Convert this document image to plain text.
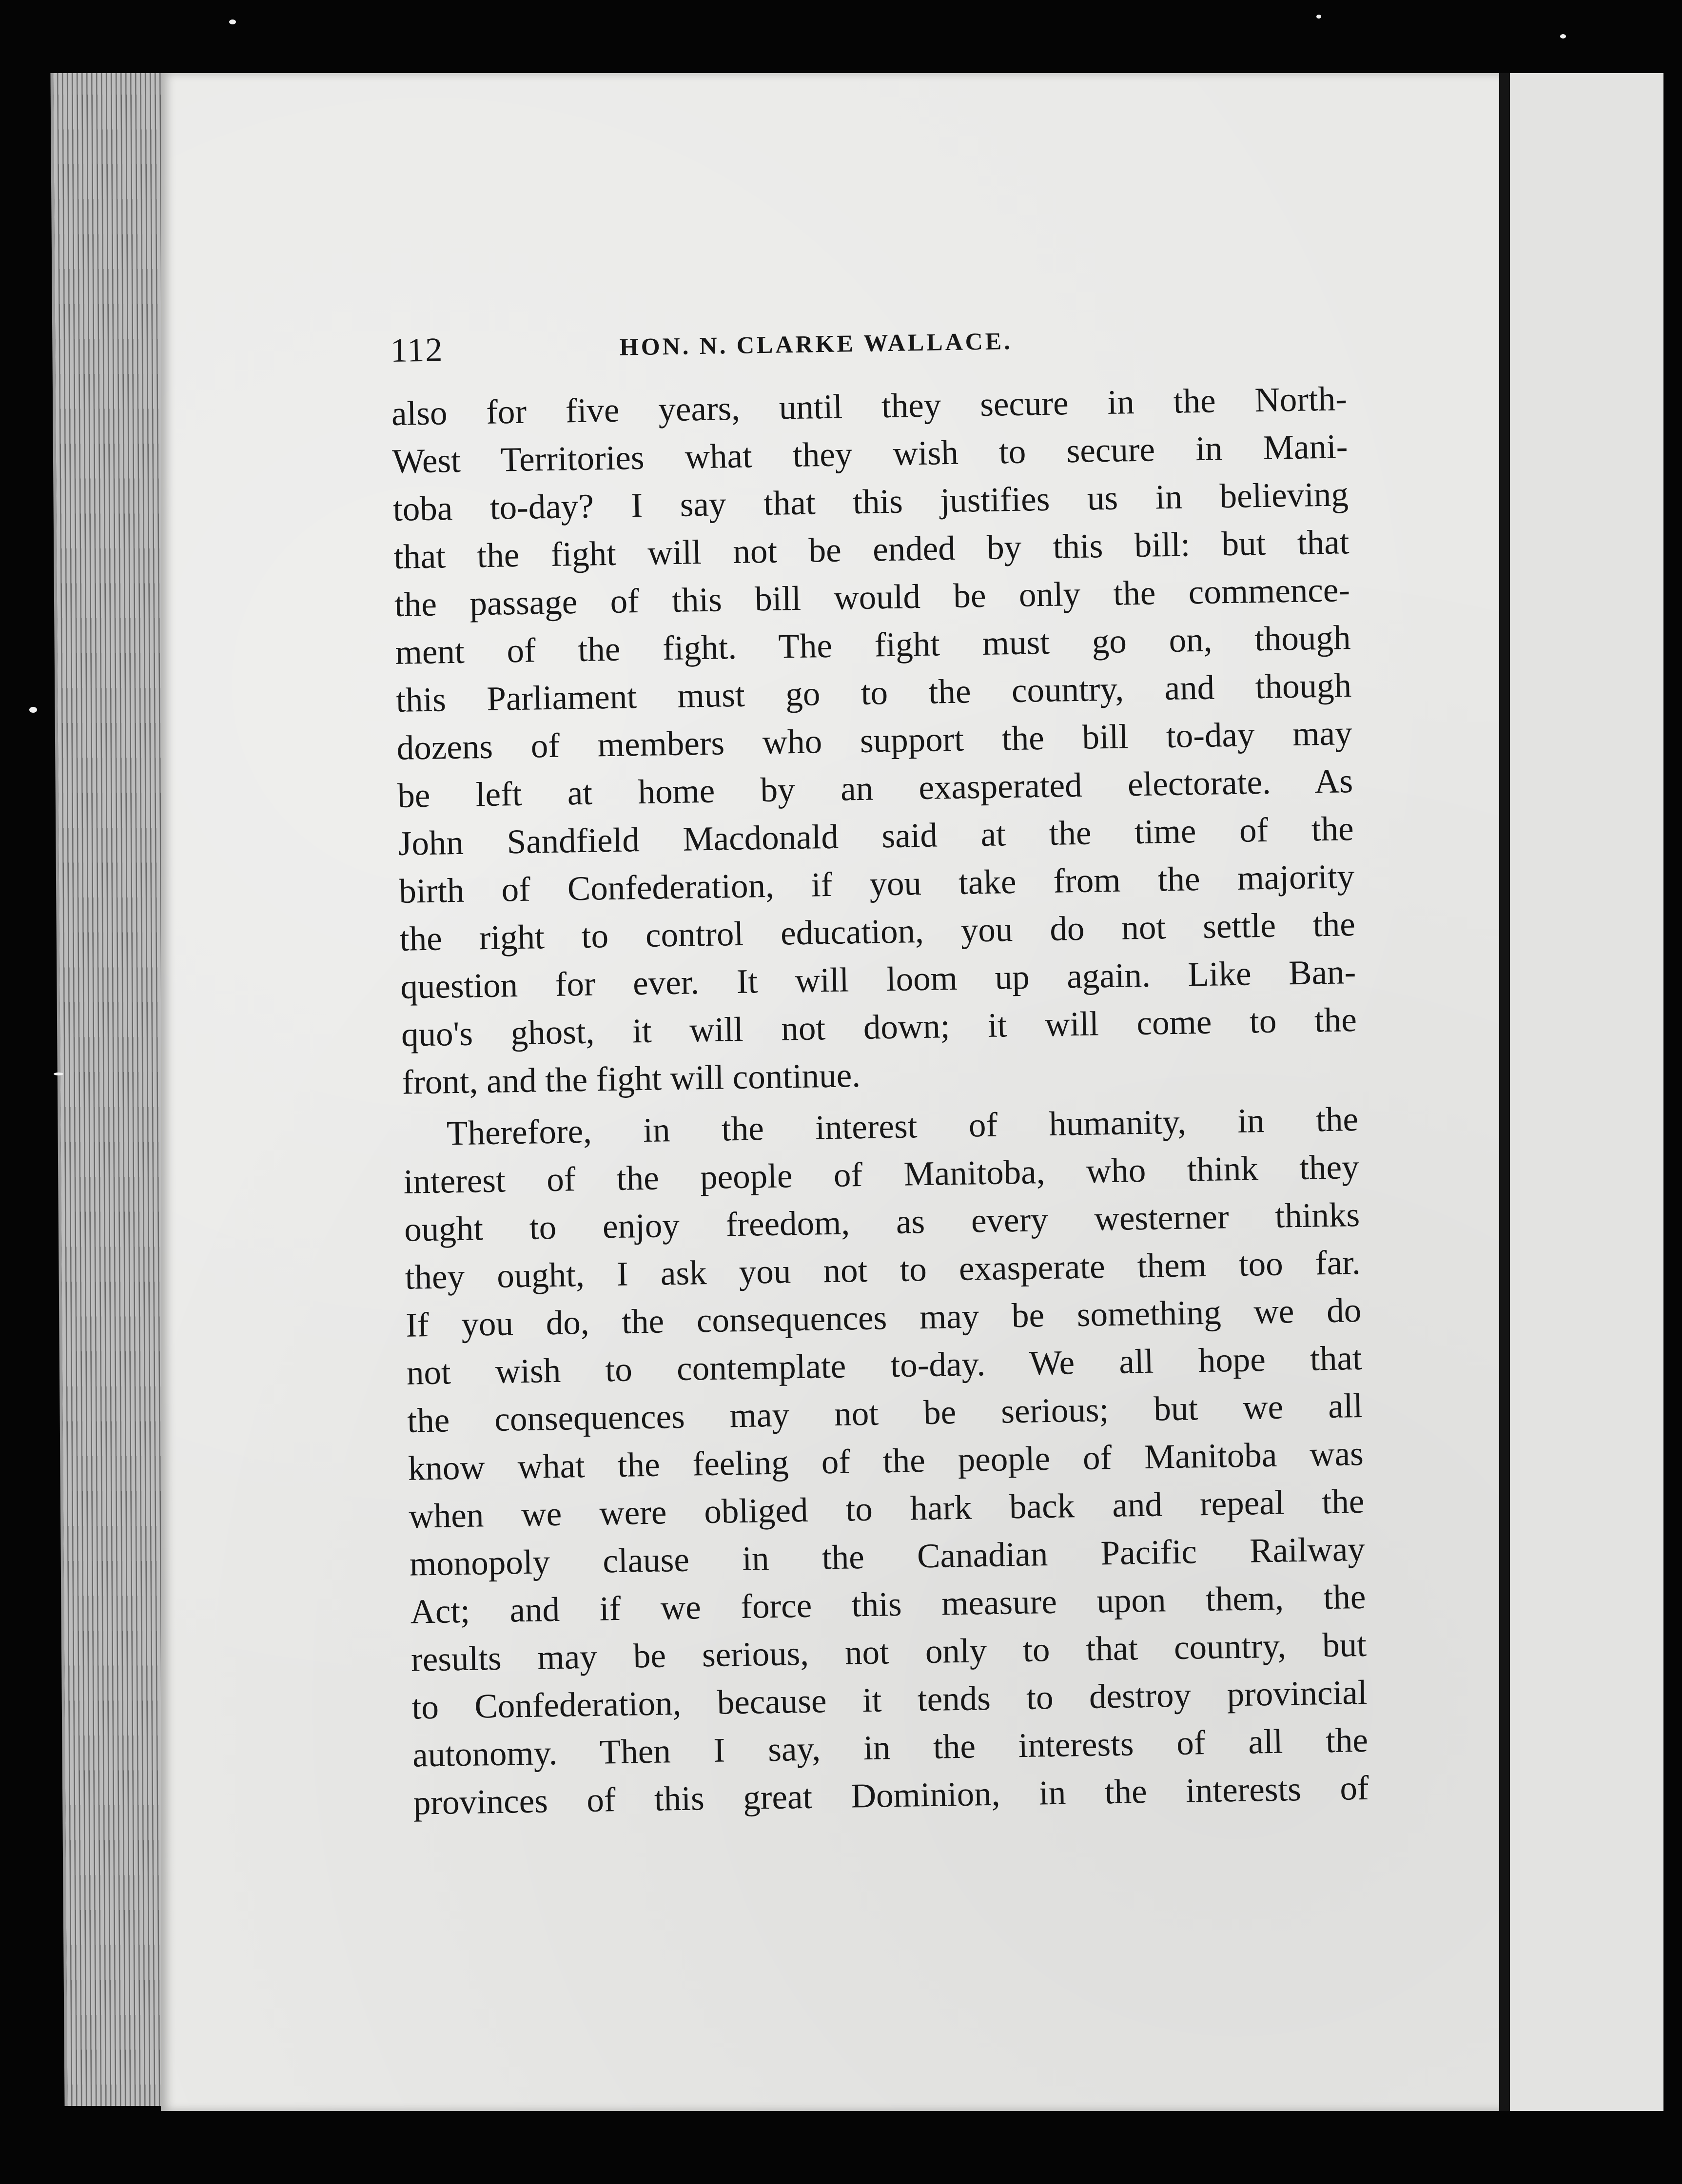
112	HON. N. CLARKE WALLACE.
also for five years, until they secure in the North-
West Territories what they wish to secure in Mani-
toba to-day? I say that this justifies us in believing
that the fight will not be ended by this bill: but that
the passage of this bill would be only the commence-
ment of the fight. The fight must go on, though
this Parliament must go to the country, and though
dozens of members who support the bill to-day may
be left at home by an exasperated electorate. As
John Sandfield Macdonald said at the time of the
birth of Confederation, if you take from the majority
the right to control education, you do not settle the
question for ever. It will loom up again. Like Ban-
quo's ghost, it will not down; it will come to the
front, and the fight will continue.
Therefore, in the interest of humanity, in the
interest of the people of Manitoba, who think they
ought to enjoy freedom, as every westerner thinks
they ought, I ask you not to exasperate them too far.
If you do, the consequences may be something we do
not wish to contemplate to-day. We all hope that
the consequences may not be serious; but we all
know what the feeling of the people of Manitoba was
when we were obliged to hark back and repeal the
monopoly clause in the Canadian Pacific Railway
Act; and if we force this measure upon them, the
results may be serious, not only to that country, but
to Confederation, because it tends to destroy provincial
autonomy. Then I say, in the interests of all the
provinces of this great Dominion, in the interests of
